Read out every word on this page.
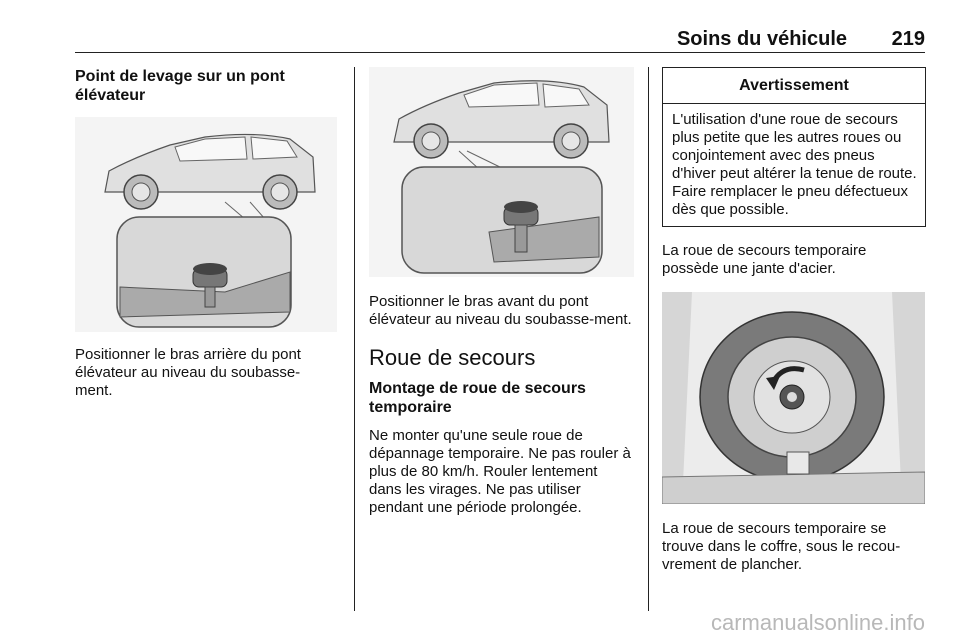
Soins du véhicule 219
Point de levage sur un pont élévateur

Positionner le bras arrière du pont élévateur au niveau du soubasse-ment.

Positionner le bras avant du pont élévateur au niveau du soubasse-ment.

Roue de secours
Montage de roue de secours temporaire

Ne monter qu'une seule roue de dépannage temporaire. Ne pas rouler à plus de 80 km/h. Rouler lentement dans les virages. Ne pas utiliser pendant une période prolongée.

Avertissement
L'utilisation d'une roue de secours plus petite que les autres roues ou conjointement avec des pneus d'hiver peut altérer la tenue de route. Faire remplacer le pneu défectueux dès que possible.

La roue de secours temporaire possède une jante d'acier.

La roue de secours temporaire se trouve dans le coffre, sous le recou-vrement de plancher.

carmanualsonline.info
